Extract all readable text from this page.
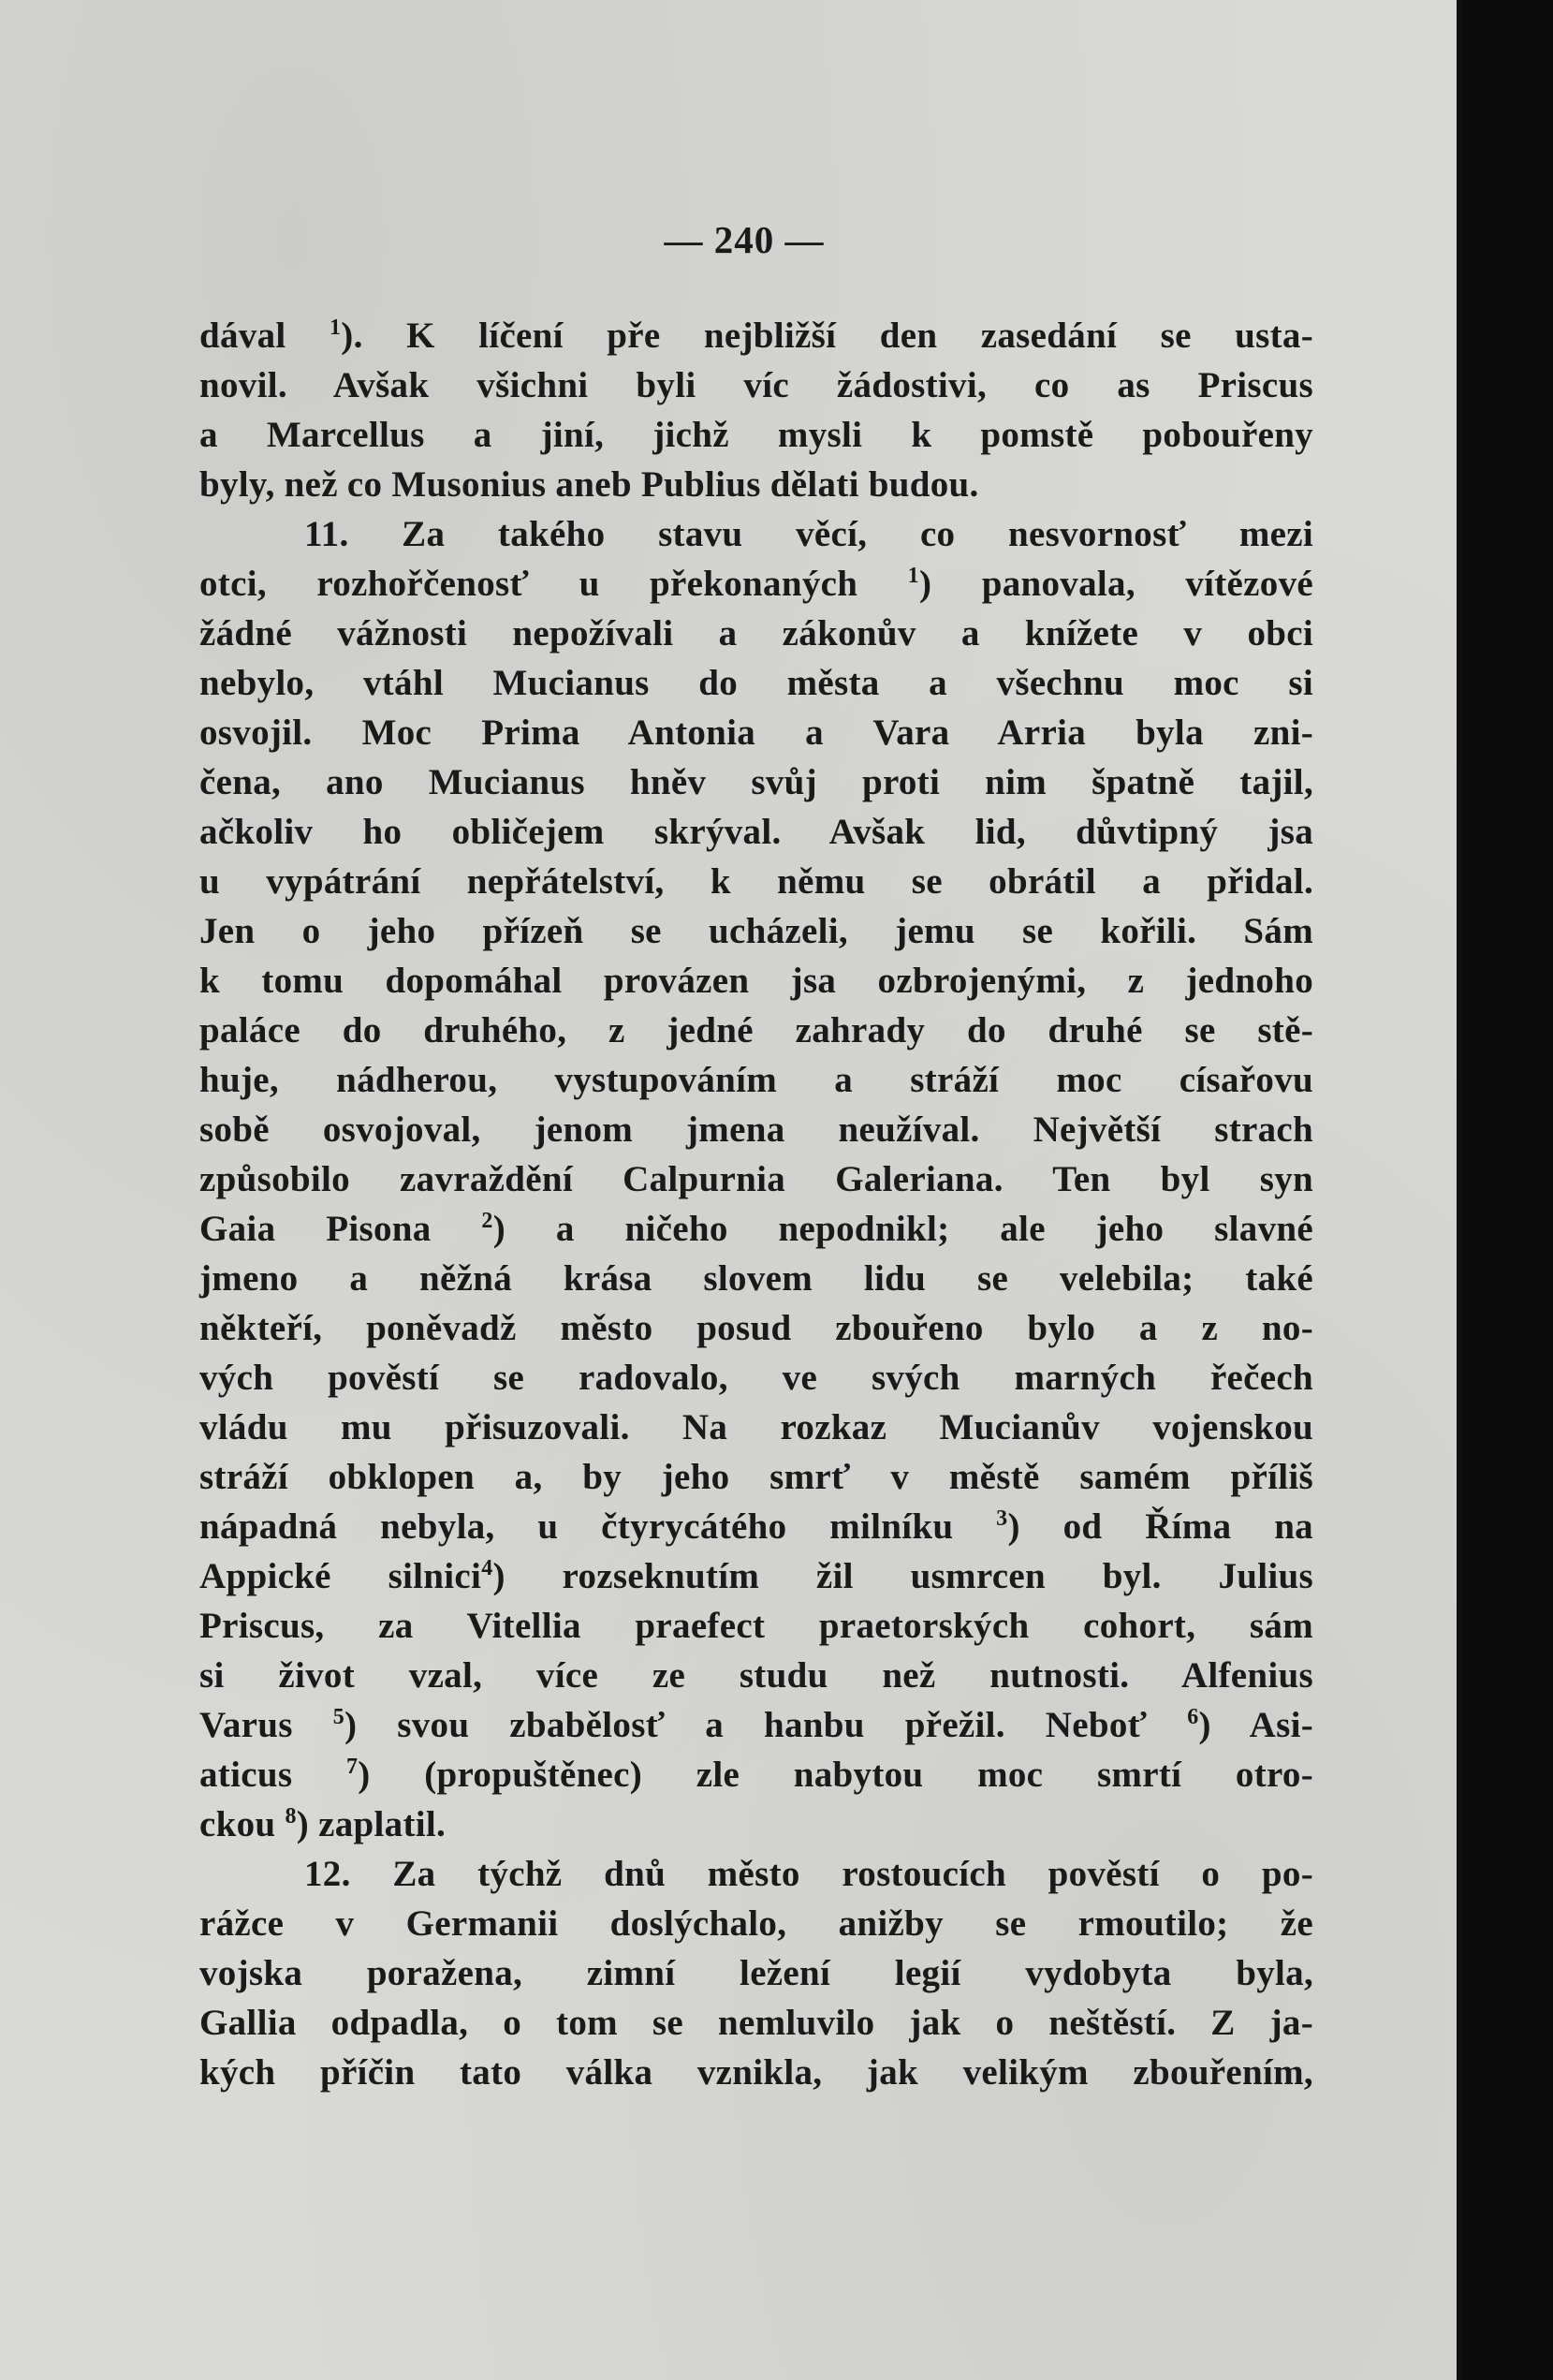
— 240 —
dával $^1$). K líčení pře nejbližší den zasedání se usta-
novil. Avšak všichni byli víc žádostivi, co as Priscus
a Marcellus a jiní, jichž mysli k pomstě pobouřeny
byly, než co Musonius aneb Publius dělati budou.
11. Za takého stavu věcí, co nesvornosť mezi
otci, rozhořčenosť u překonaných $^1$) panovala, vítězové
žádné vážnosti nepožívali a zákonův a knížete v obci
nebylo, vtáhl Mucianus do města a všechnu moc si
osvojil. Moc Prima Antonia a Vara Arria byla zni-
čena, ano Mucianus hněv svůj proti nim špatně tajil,
ačkoliv ho obličejem skrýval. Avšak lid, důvtipný jsa
u vypátrání nepřátelství, k němu se obrátil a přidal.
Jen o jeho přízeň se ucházeli, jemu se kořili. Sám
k tomu dopomáhal provázen jsa ozbrojenými, z jednoho
paláce do druhého, z jedné zahrady do druhé se stě-
huje, nádherou, vystupováním a stráží moc císařovu
sobě osvojoval, jenom jmena neužíval. Největší strach
způsobilo zavraždění Calpurnia Galeriana. Ten byl syn
Gaia Pisona $^2$) a ničeho nepodnikl; ale jeho slavné
jmeno a něžná krása slovem lidu se velebila; také
někteří, poněvadž město posud zbouřeno bylo a z no-
vých pověstí se radovalo, ve svých marných řečech
vládu mu přisuzovali. Na rozkaz Mucianův vojenskou
stráží obklopen a, by jeho smrť v městě samém příliš
nápadná nebyla, u čtyrycátého milníku $^3$) od Říma na
Appické silnici$^4$) rozseknutím žil usmrcen byl. Julius
Priscus, za Vitellia praefect praetorských cohort, sám
si život vzal, více ze studu než nutnosti. Alfenius
Varus $^5$) svou zbabělosť a hanbu přežil. Neboť $^6$) Asi-
aticus $^7$) (propuštěnec) zle nabytou moc smrtí otro-
ckou $^8$) zaplatil.
12. Za týchž dnů město rostoucích pověstí o po-
rážce v Germanii doslýchalo, anižby se rmoutilo; že
vojska poražena, zimní ležení legií vydobyta byla,
Gallia odpadla, o tom se nemluvilo jak o neštěstí. Z ja-
kých příčin tato válka vznikla, jak velikým zbouřením,
